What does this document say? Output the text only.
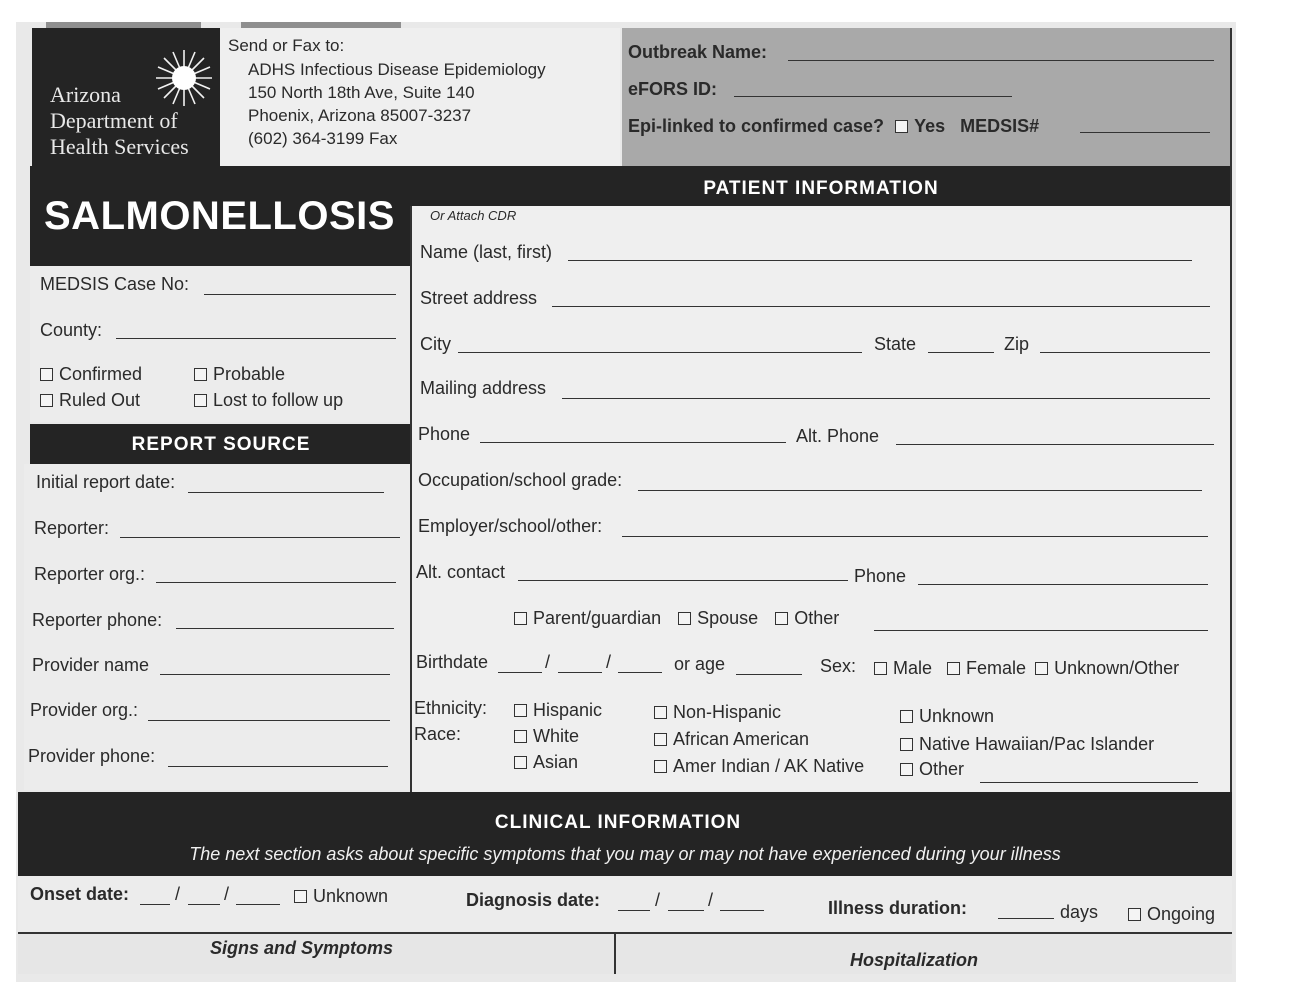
Arizona
Department of
Health Services
Send or Fax to:
ADHS Infectious Disease Epidemiology
150 North 18th Ave, Suite 140
Phoenix, Arizona 85007-3237
(602) 364-3199 Fax
Outbreak Name:
eFORS ID:
Epi-linked to confirmed case? Yes MEDSIS#
SALMONELLOSIS
PATIENT INFORMATION
MEDSIS Case No:
County:
Confirmed	Probable
Ruled Out	Lost to follow up
REPORT SOURCE
Initial report date:
Reporter:
Reporter org.:
Reporter phone:
Provider name
Provider org.:
Provider phone:
Or Attach CDR
Name (last, first)
Street address
City	State	Zip
Mailing address
Phone	Alt. Phone
Occupation/school grade:
Employer/school/other:
Alt. contact	Phone
Parent/guardian Spouse Other
Birthdate	/	/	or age	Sex:	Male Female Unknown/Other
Ethnicity:
Race:
Hispanic	Non-Hispanic	Unknown
White	African American	Native Hawaiian/Pac Islander
Asian	Amer Indian / AK Native	Other
CLINICAL INFORMATION
The next section asks about specific symptoms that you may or may not have experienced during your illness
Onset date:	/ /	Unknown	Diagnosis date:	/	/	Illness duration:	days	Ongoing
Signs and Symptoms
Hospitalization
